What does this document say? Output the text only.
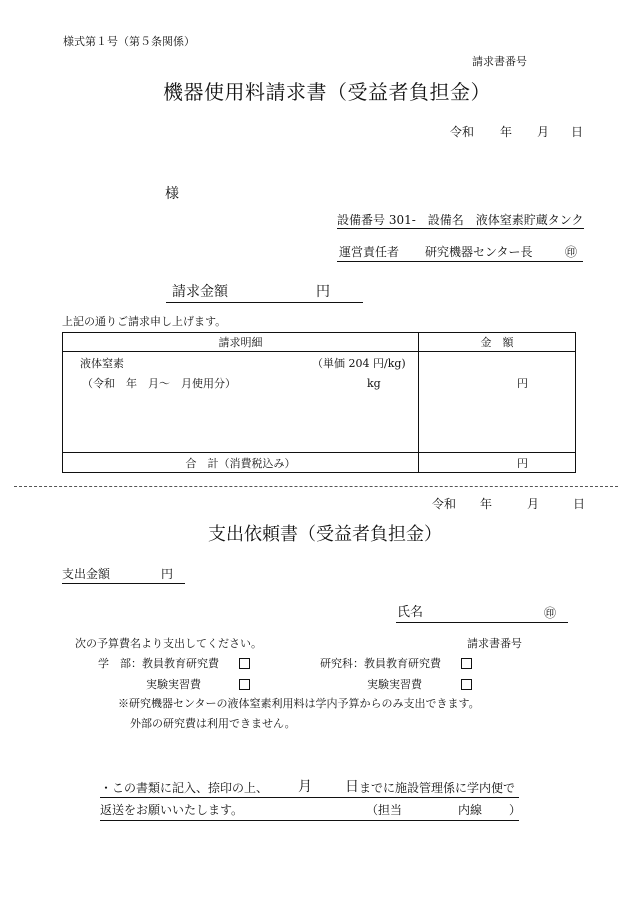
様式第１号（第５条関係）
請求書番号
機器使用料請求書（受益者負担金）
令和 年 月 日
様
設備番号 301-　設備名　液体窒素貯蔵タンク
運営責任者 研究機器センター長	㊞
請求金額	円
上記の通りご請求申し上げます。
請求明細	金　額

液体窒素 （単価 204 円/kg)
（令和　年　月～　月使用分） kg	円

合　計（消費税込み）	円
令和 年	月	日
支出依頼書（受益者負担金）
支出金額	円
氏名	㊞
次の予算費名より支出してください。	請求書番号
学　部：教員教育研究費	研究科：教員教育研究費
実験実習費	実験実習費
※研究機器センターの液体窒素利用料は学内予算からのみ支出できます。
外部の研究費は利用できません。
・この書類に記入、捺印の上、 月 日 までに施設管理係に学内便で
返送をお願いいたします。	（担当	内線 ）
